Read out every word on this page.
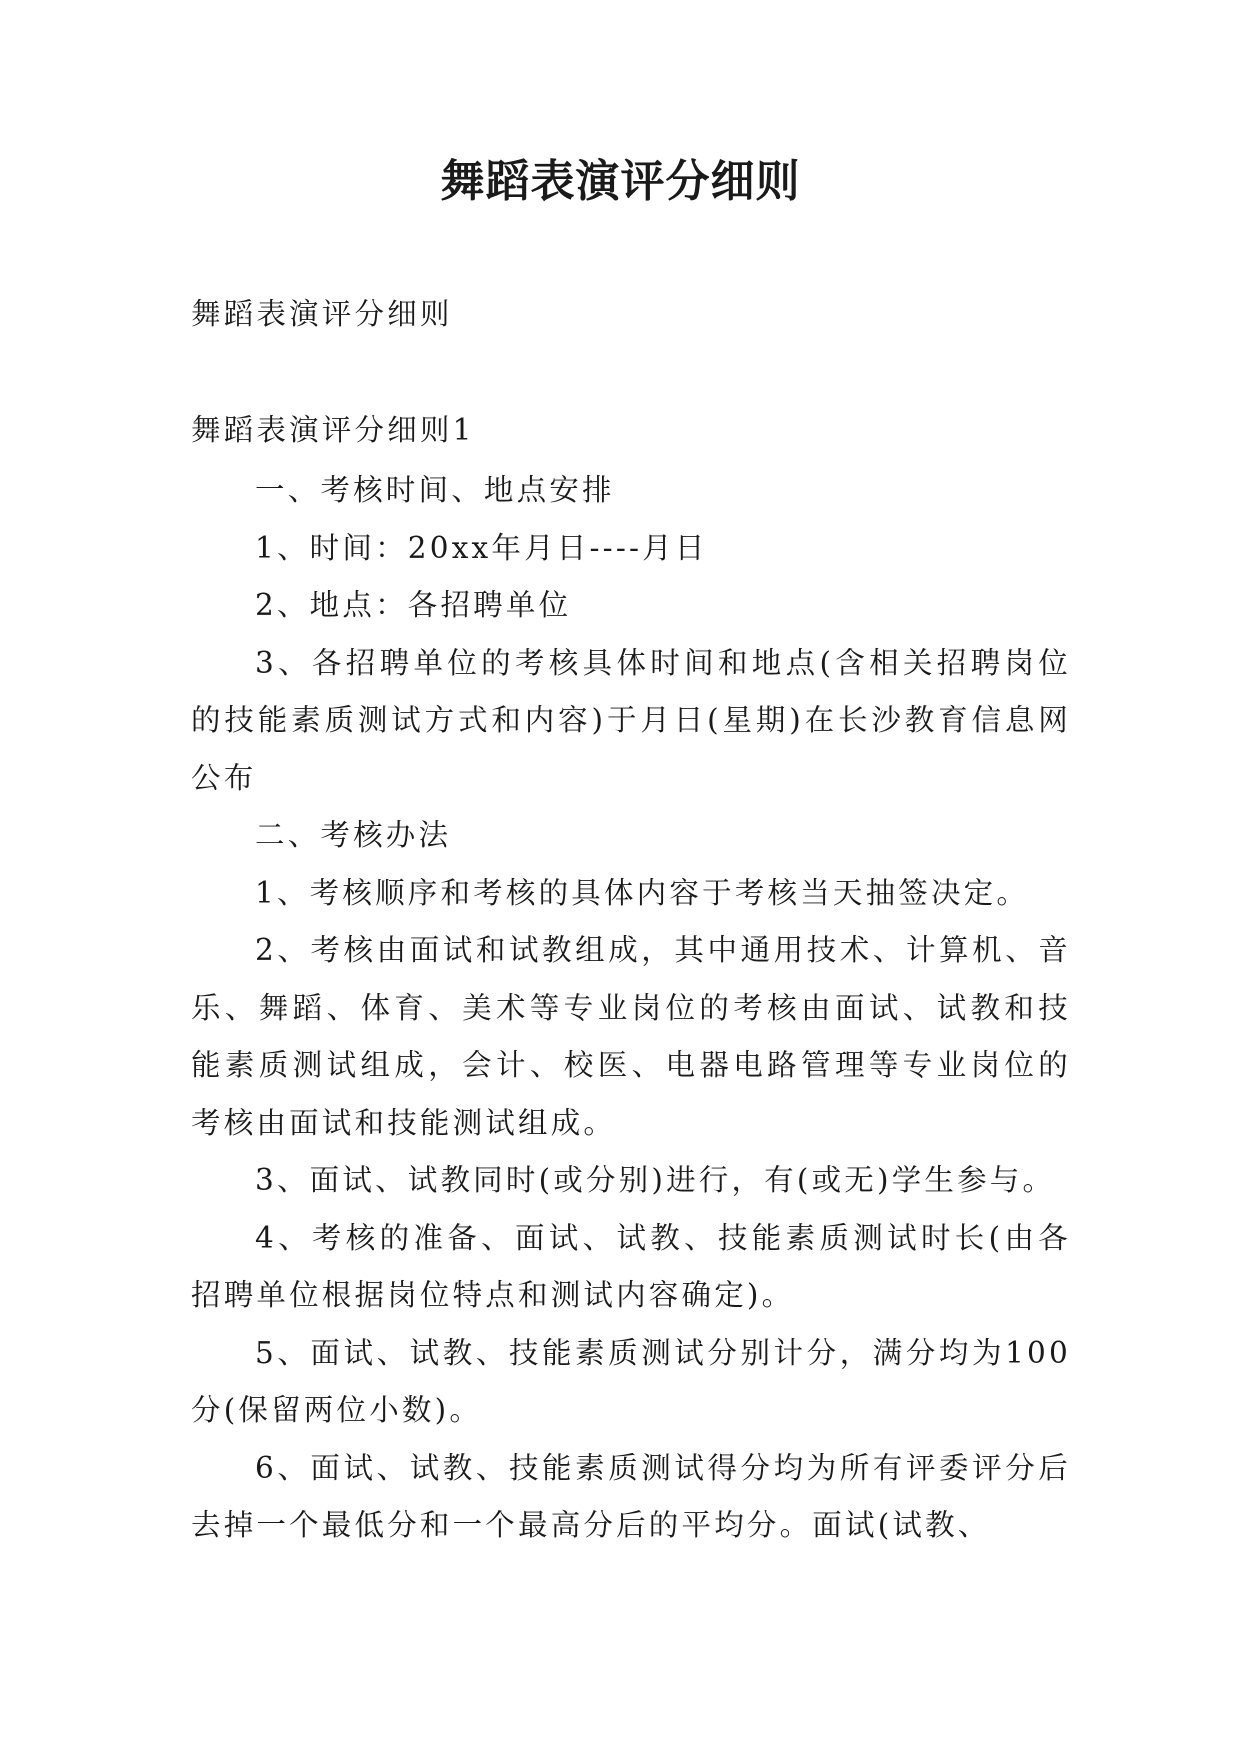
舞蹈表演评分细则
舞蹈表演评分细则
舞蹈表演评分细则1

一、考核时间、地点安排

1、时间：20xx年月日----月日

2、地点：各招聘单位

3、各招聘单位的考核具体时间和地点(含相关招聘岗位的技能素质测试方式和内容)于月日(星期)在长沙教育信息网公布

二、考核办法

1、考核顺序和考核的具体内容于考核当天抽签决定。

2、考核由面试和试教组成，其中通用技术、计算机、音乐、舞蹈、体育、美术等专业岗位的考核由面试、试教和技能素质测试组成，会计、校医、电器电路管理等专业岗位的考核由面试和技能测试组成。

3、面试、试教同时(或分别)进行，有(或无)学生参与。

4、考核的准备、面试、试教、技能素质测试时长(由各招聘单位根据岗位特点和测试内容确定)。

5、面试、试教、技能素质测试分别计分，满分均为100分(保留两位小数)。

6、面试、试教、技能素质测试得分均为所有评委评分后去掉一个最低分和一个最高分后的平均分。面试(试教、
